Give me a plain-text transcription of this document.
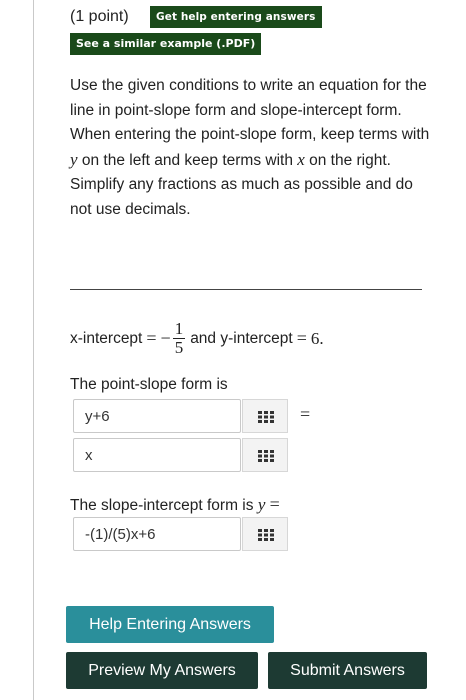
(1 point)	Get help entering answers
See a similar example (.PDF)

Use the given conditions to write an equation for the line in point-slope form and slope-intercept form.

When entering the point-slope form, keep terms with y on the left and keep terms with x on the right.

Simplify any fractions as much as possible and do not use decimals.

x-intercept = − $\frac{1}{5}$ and y-intercept = 6.
The point-slope form is
y+6
=
x
The slope-intercept form is y =
-(1)/(5)x+6
Help Entering Answers
Preview My Answers	Submit Answers
